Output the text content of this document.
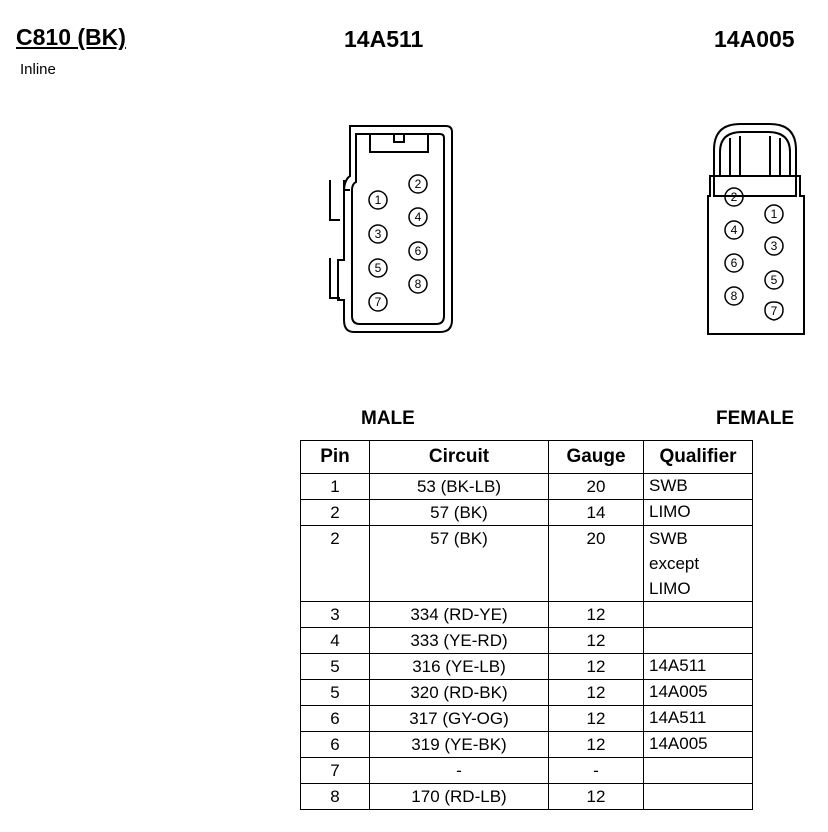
C810 (BK)
Inline
14A511	14A005
1
2
3
4
5
6
7
8
1
2
3
4
5
6
7
8
MALE	FEMALE
Pin	Circuit	Gauge	Qualifier
1	53 (BK-LB)	20	SWB
2	57 (BK)	14	LIMO
2	57 (BK)	20	SWB
except
LIMO
3	334 (RD-YE)	12	
4	333 (YE-RD)	12	
5	316 (YE-LB)	12	14A511
5	320 (RD-BK)	12	14A005
6	317 (GY-OG)	12	14A511
6	319 (YE-BK)	12	14A005
7	-	-	
8	170 (RD-LB)	12	
